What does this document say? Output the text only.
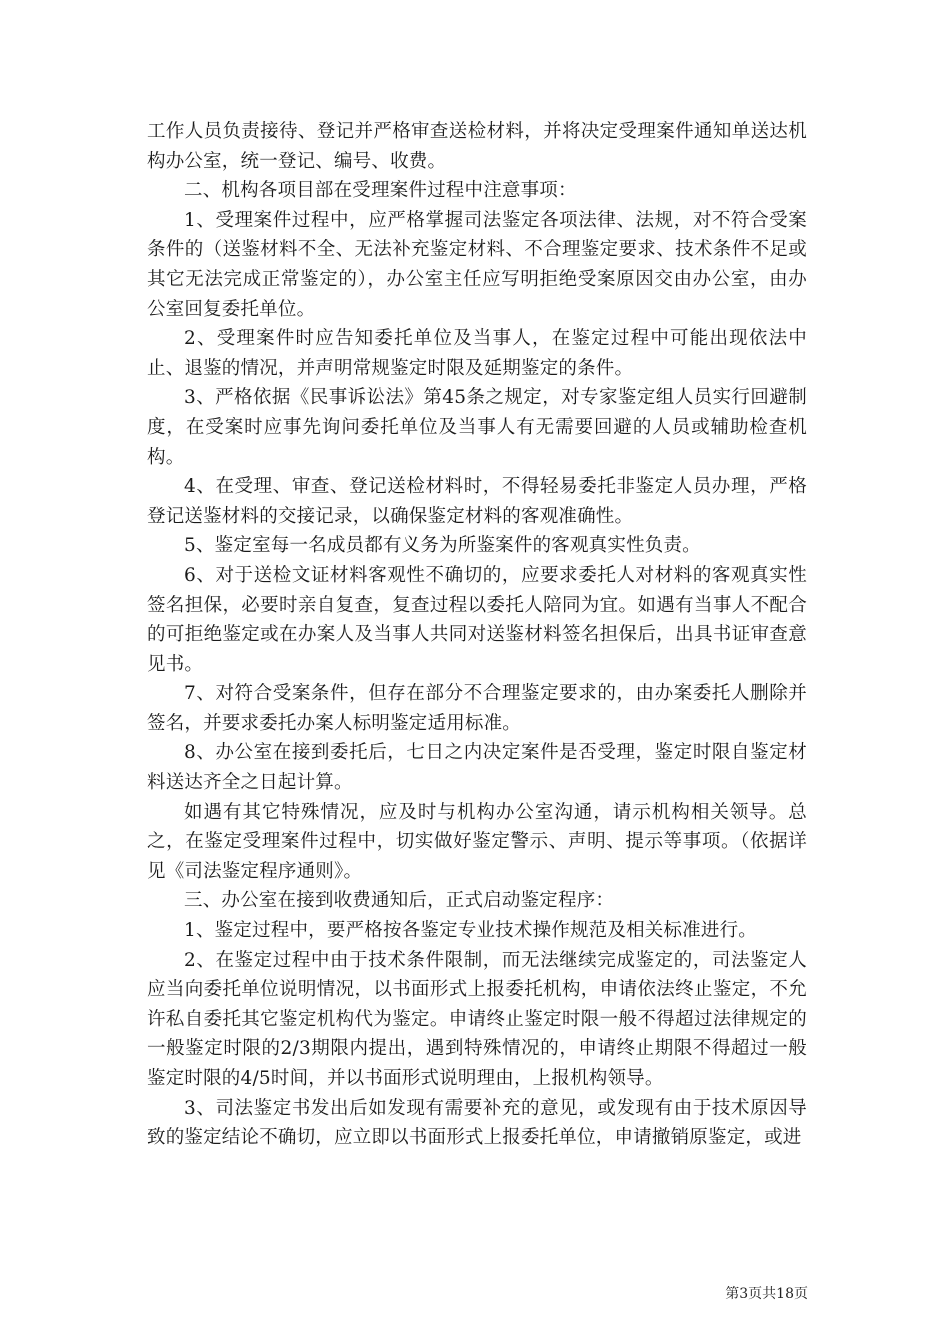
工作人员负责接待、登记并严格审查送检材料，并将决定受理案件通知单送达机构办公室，统一登记、编号、收费。

二、机构各项目部在受理案件过程中注意事项：

1、受理案件过程中，应严格掌握司法鉴定各项法律、法规，对不符合受案条件的（送鉴材料不全、无法补充鉴定材料、不合理鉴定要求、技术条件不足或其它无法完成正常鉴定的），办公室主任应写明拒绝受案原因交由办公室，由办公室回复委托单位。

2、受理案件时应告知委托单位及当事人，在鉴定过程中可能出现依法中止、退鉴的情况，并声明常规鉴定时限及延期鉴定的条件。

3、严格依据《民事诉讼法》第45条之规定，对专家鉴定组人员实行回避制度，在受案时应事先询问委托单位及当事人有无需要回避的人员或辅助检查机构。

4、在受理、审查、登记送检材料时，不得轻易委托非鉴定人员办理，严格登记送鉴材料的交接记录，以确保鉴定材料的客观准确性。

5、鉴定室每一名成员都有义务为所鉴案件的客观真实性负责。

6、对于送检文证材料客观性不确切的，应要求委托人对材料的客观真实性签名担保，必要时亲自复查，复查过程以委托人陪同为宜。如遇有当事人不配合的可拒绝鉴定或在办案人及当事人共同对送鉴材料签名担保后，出具书证审查意见书。

7、对符合受案条件，但存在部分不合理鉴定要求的，由办案委托人删除并签名，并要求委托办案人标明鉴定适用标准。

8、办公室在接到委托后，七日之内决定案件是否受理，鉴定时限自鉴定材料送达齐全之日起计算。

如遇有其它特殊情况，应及时与机构办公室沟通，请示机构相关领导。总之，在鉴定受理案件过程中，切实做好鉴定警示、声明、提示等事项。（依据详见《司法鉴定程序通则》。

三、办公室在接到收费通知后，正式启动鉴定程序：

1、鉴定过程中，要严格按各鉴定专业技术操作规范及相关标准进行。

2、在鉴定过程中由于技术条件限制，而无法继续完成鉴定的，司法鉴定人应当向委托单位说明情况，以书面形式上报委托机构，申请依法终止鉴定，不允许私自委托其它鉴定机构代为鉴定。申请终止鉴定时限一般不得超过法律规定的一般鉴定时限的2/3期限内提出，遇到特殊情况的，申请终止期限不得超过一般鉴定时限的4/5时间，并以书面形式说明理由，上报机构领导。

3、司法鉴定书发出后如发现有需要补充的意见，或发现有由于技术原因导致的鉴定结论不确切，应立即以书面形式上报委托单位，申请撤销原鉴定，或进

第3页共18页
